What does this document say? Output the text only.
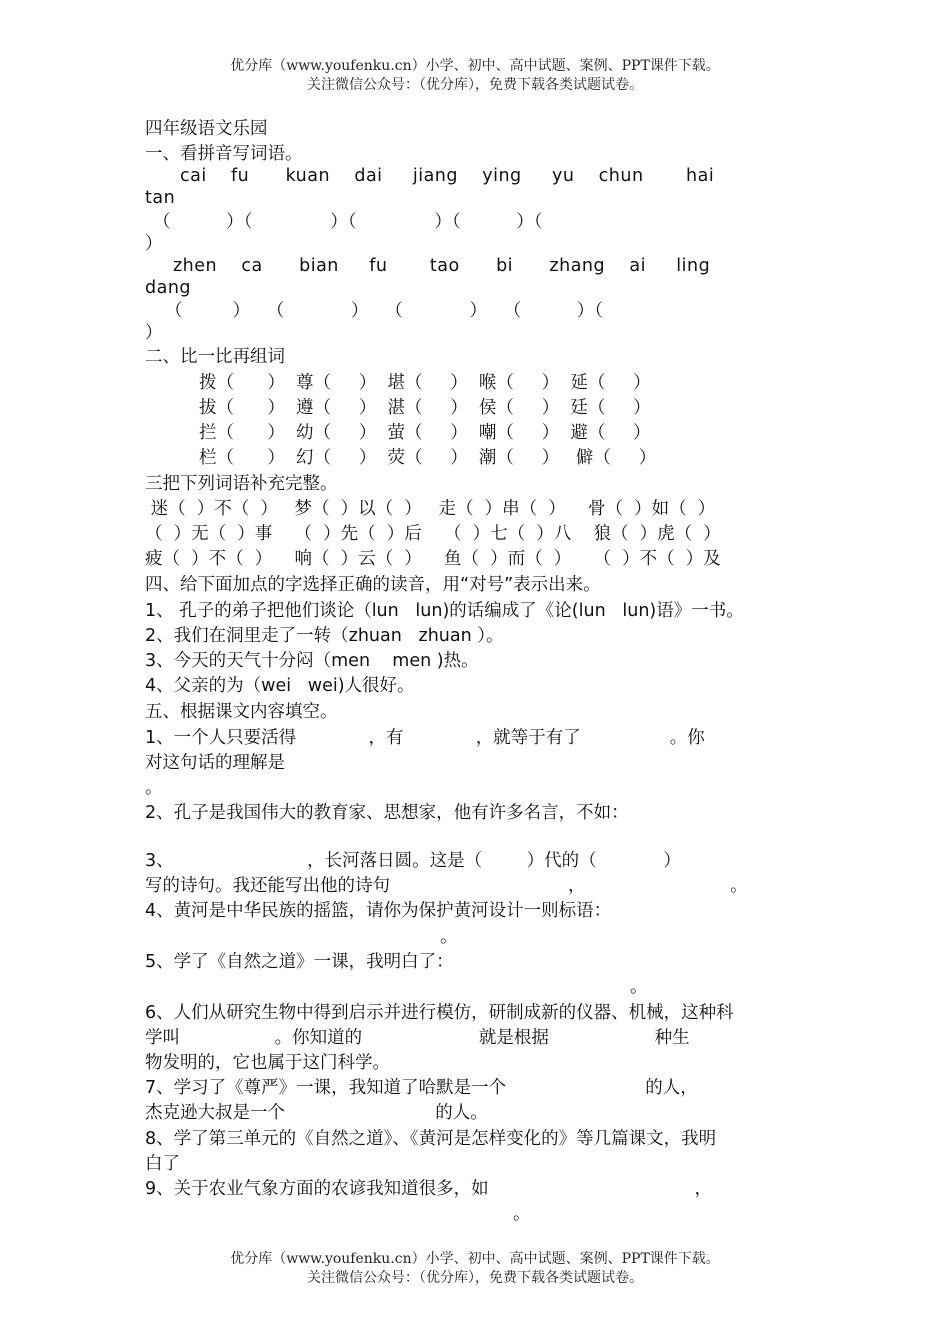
优分库（www.youfenku.cn）小学、初中、高中试题、案例、PPT课件下载。
关注微信公众号：（优分库），免费下载各类试题试卷。
四年级语文乐园
一、看拼音写词语。
cai    fu      kuan    dai     jiang    ying     yu    chun       hai
tan
（          ）（              ）（              ）（          ）（
）
zhen    ca      bian     fu       tao      bi      zhang    ai     ling
dang
（         ）   （            ）   （            ）   （          ）（
）
二、比一比再组词
拨（      ）  尊（     ）  堪（     ）  喉（     ）  延（     ）
拔（      ）  遵（     ）  湛（     ）  侯（     ）  廷（     ）
拦（      ）  幼（     ）  萤（     ）  嘲（     ）  避（     ）
栏（      ）  幻（     ）  荧（     ）  潮（     ）   僻（     ）
三把下列词语补充完整。
迷（  ）不（  ）   梦（  ）以（  ）   走（  ）串（  ）    骨（  ）如（  ）
（  ）无（  ）事    （  ）先（  ）后    （  ）七（  ）八    狼（  ）虎（  ）
疲（  ）不（  ）    响（  ）云（  ）    鱼（  ）而（  ）    （  ）不（  ）及
四、给下面加点的字选择正确的读音，用“对号”表示出来。
1、 孔子的弟子把他们谈论（lun   lun)的话编成了《论(lun   lun)语》一书。
2、我们在洞里走了一转（zhuan   zhuan ）。
3、今天的天气十分闷（men    men )热。
4、父亲的为（wei   wei)人很好。
五、根据课文内容填空。
1、一个人只要活得             ，有             ，就等于有了                。你
对这句话的理解是
。
2、孔子是我国伟大的教育家、思想家，他有许多名言，不如：
3、                        ，长河落日圆。这是（        ）代的（            ）
写的诗句。我还能写出他的诗句                                ，                          。
4、黄河是中华民族的摇篮，请你为保护黄河设计一则标语：
。
5、学了《自然之道》一课，我明白了：
。
6、人们从研究生物中得到启示并进行模仿，研制成新的仪器、机械，这种科
学叫                 。你知道的                     就是根据                   种生
物发明的，它也属于这门科学。
7、学习了《尊严》一课，我知道了哈默是一个                         的人，
杰克逊大叔是一个                           的人。
8、学了第三单元的《自然之道》、《黄河是怎样变化的》等几篇课文，我明
白了
9、关于农业气象方面的农谚我知道很多，如                                     ，
。
优分库（www.youfenku.cn）小学、初中、高中试题、案例、PPT课件下载。
关注微信公众号：（优分库），免费下载各类试题试卷。
